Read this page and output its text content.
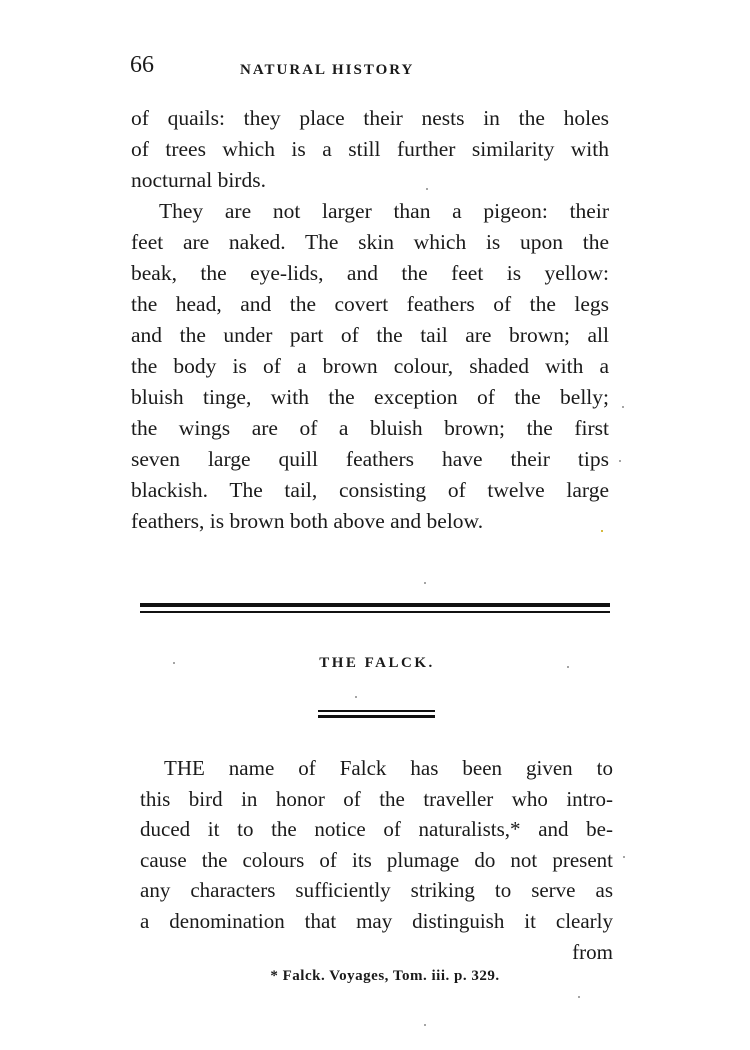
66	NATURAL HISTORY
of quails: they place their nests in the holes
of trees which is a still further similarity with
nocturnal birds.
They are not larger than a pigeon: their
feet are naked. The skin which is upon the
beak, the eye-lids, and the feet is yellow:
the head, and the covert feathers of the legs
and the under part of the tail are brown; all
the body is of a brown colour, shaded with a
bluish tinge, with the exception of the belly;
the wings are of a bluish brown; the first
seven large quill feathers have their tips
blackish. The tail, consisting of twelve large
feathers, is brown both above and below.
THE FALCK.
THE name of Falck has been given to
this bird in honor of the traveller who intro-
duced it to the notice of naturalists,* and be-
cause the colours of its plumage do not present
any characters sufficiently striking to serve as
a denomination that may distinguish it clearly
from
* Falck. Voyages, Tom. iii. p. 329.
